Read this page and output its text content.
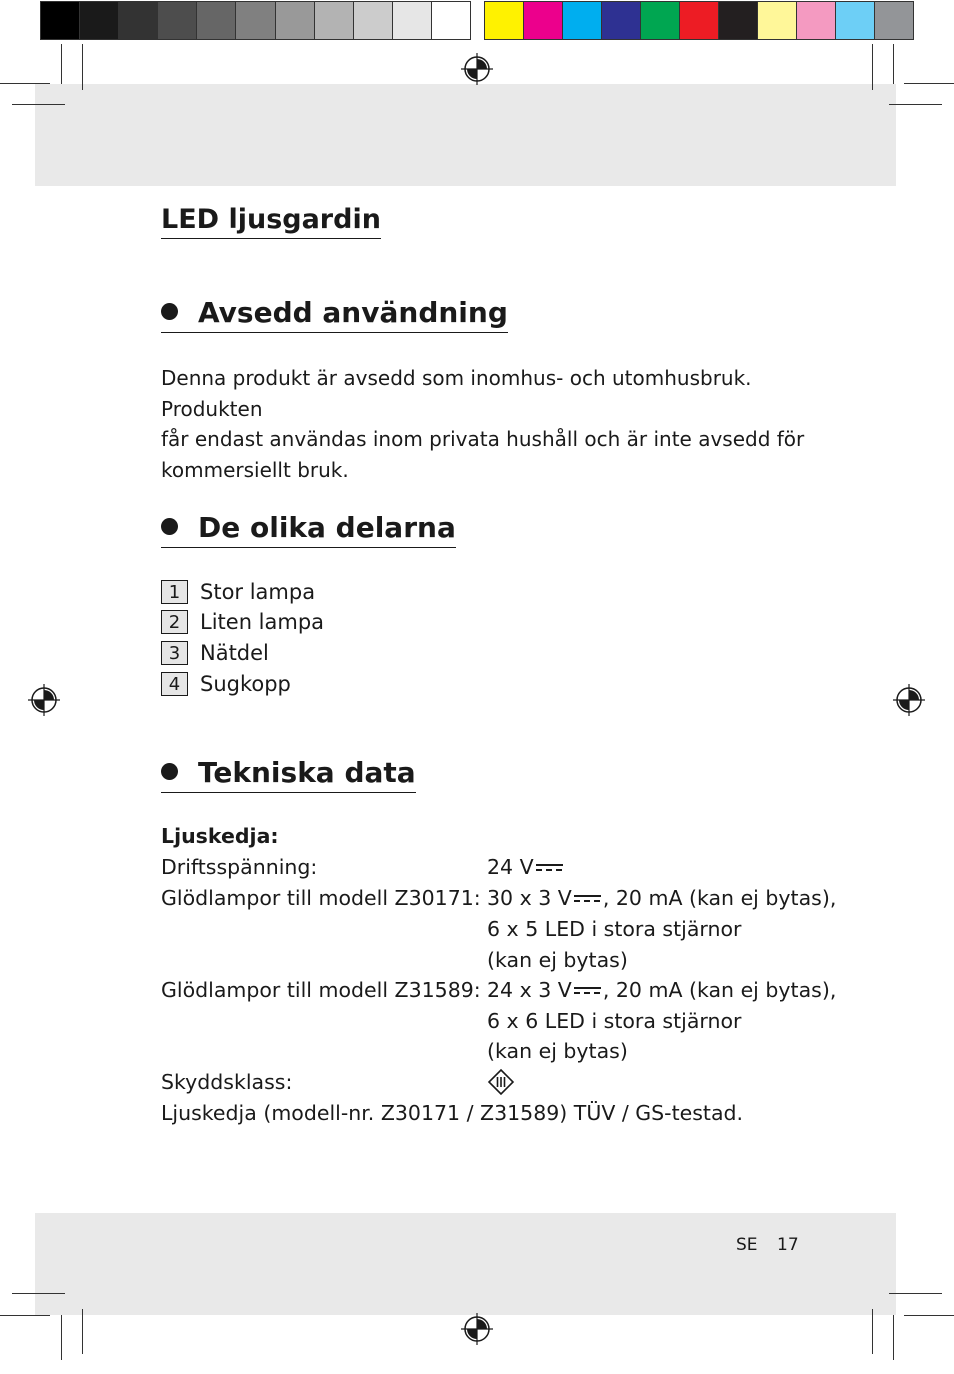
LED ljusgardin
Avsedd användning
Denna produkt är avsedd som inomhus- och utomhusbruk. Produkten
får endast användas inom privata hushåll och är inte avsedd för
kommersiellt bruk.
De olika delarna
1 Stor lampa
2 Liten lampa
3 Nätdel
4 Sugkopp
Tekniska data
Ljuskedja:
Driftsspänning:	24 V
Glödlampor till modell Z30171: 30 x 3 V , 20 mA (kan ej bytas),
6 x 5 LED i stora stjärnor
(kan ej bytas)
Glödlampor till modell Z31589: 24 x 3 V , 20 mA (kan ej bytas),
6 x 6 LED i stora stjärnor
(kan ej bytas)
Skyddsklass:
Ljuskedja (modell-nr. Z30171 / Z31589) TÜV / GS-testad.
SE 17
